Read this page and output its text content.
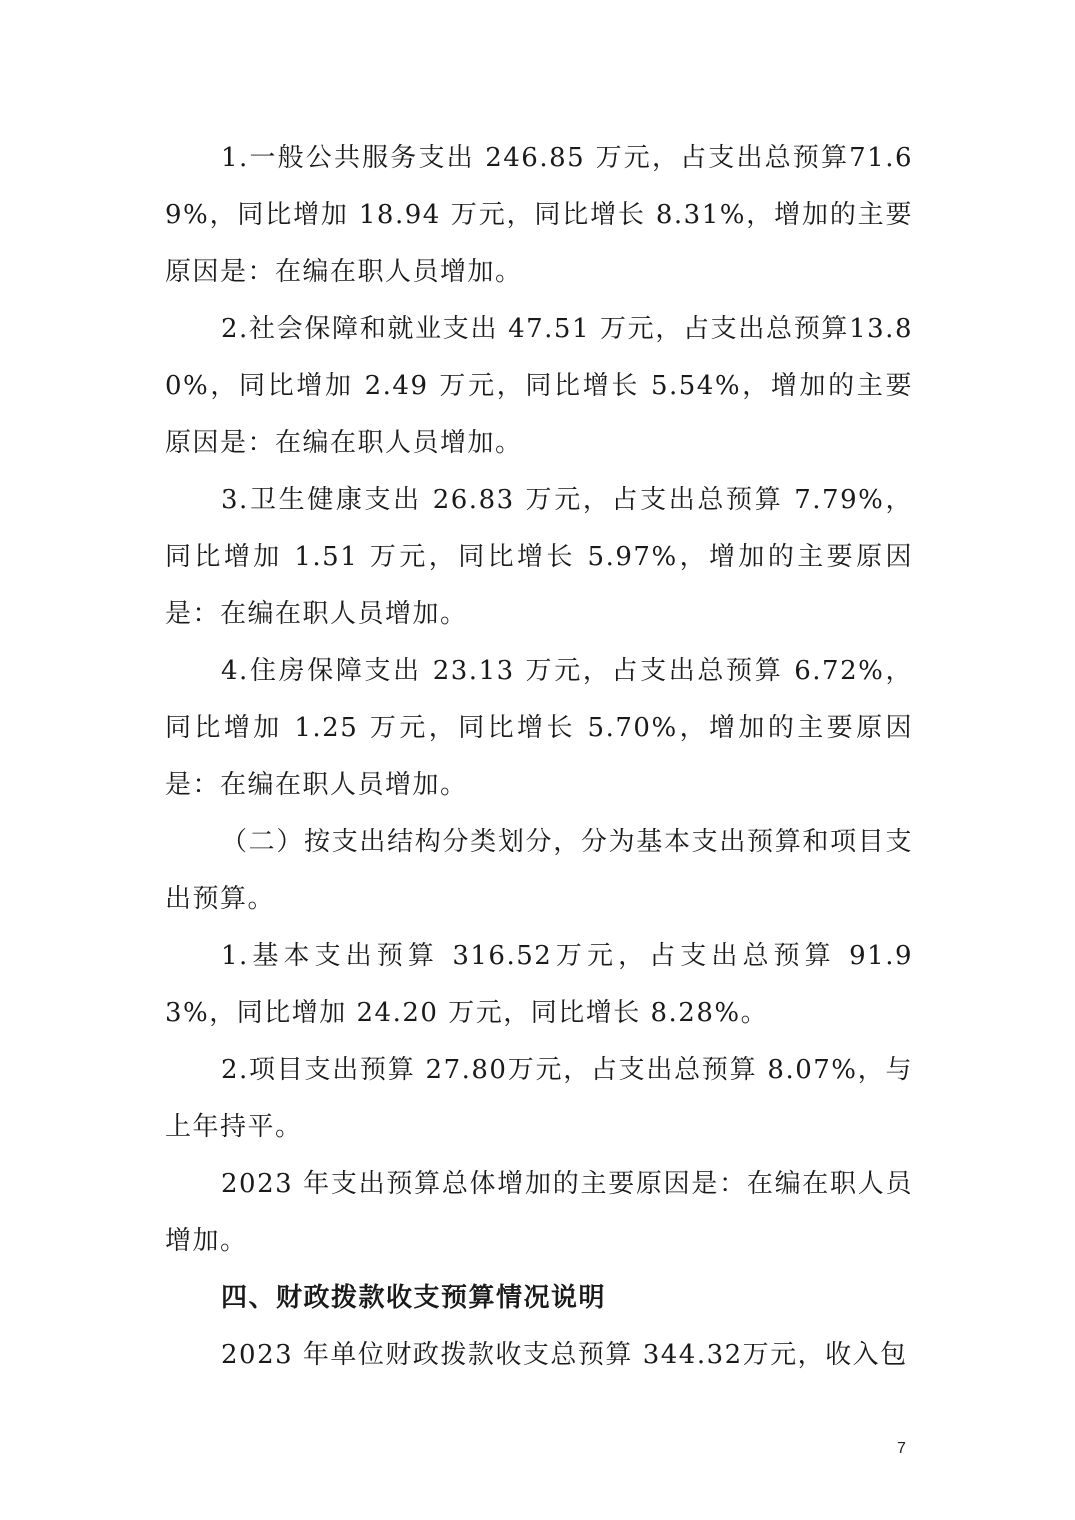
1.一般公共服务支出 246.85 万元，占支出总预算71.69%，同比增加 18.94 万元，同比增长 8.31%，增加的主要原因是：在编在职人员增加。

2.社会保障和就业支出 47.51 万元，占支出总预算13.80%，同比增加 2.49 万元，同比增长 5.54%，增加的主要原因是：在编在职人员增加。

3.卫生健康支出 26.83 万元，占支出总预算 7.79%，同比增加 1.51 万元，同比增长 5.97%，增加的主要原因是：在编在职人员增加。

4.住房保障支出 23.13 万元，占支出总预算 6.72%，同比增加 1.25 万元，同比增长 5.70%，增加的主要原因是：在编在职人员增加。

（二）按支出结构分类划分，分为基本支出预算和项目支出预算。

1.基本支出预算 316.52万元，占支出总预算 91.93%，同比增加 24.20 万元，同比增长 8.28%。

2.项目支出预算 27.80万元，占支出总预算 8.07%，与上年持平。

2023 年支出预算总体增加的主要原因是：在编在职人员增加。

四、财政拨款收支预算情况说明

2023 年单位财政拨款收支总预算 344.32万元，收入包

7
